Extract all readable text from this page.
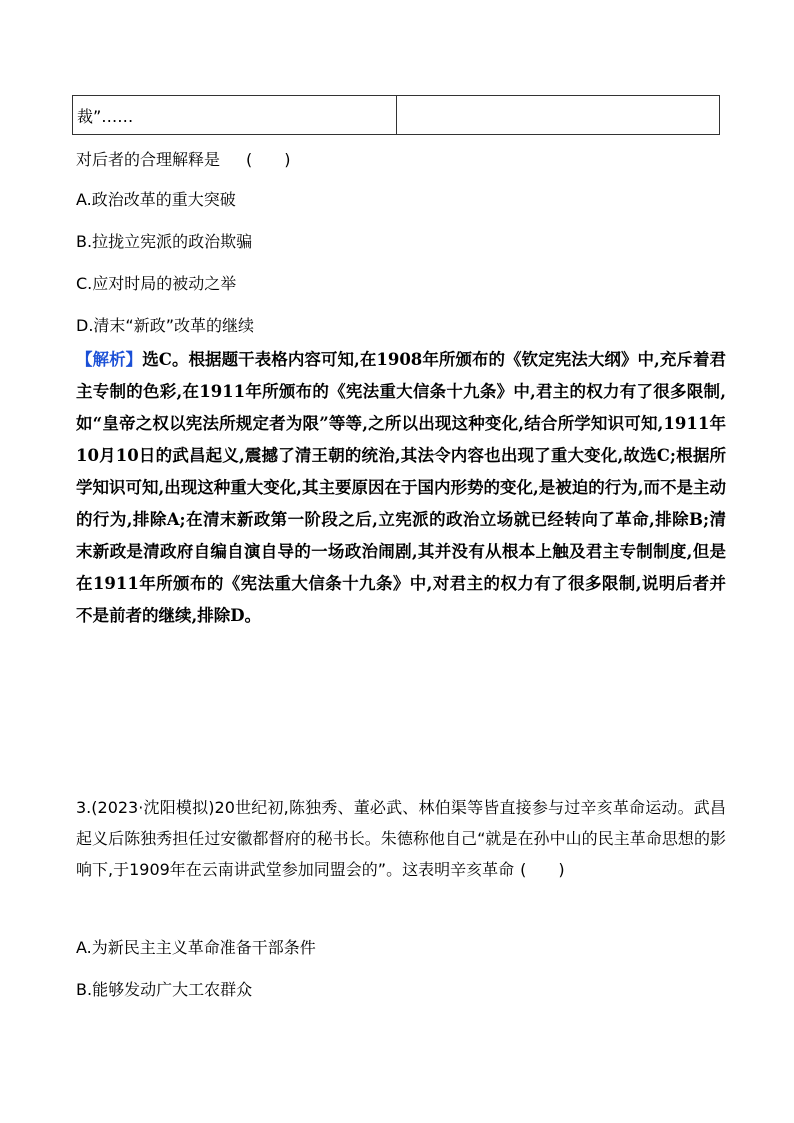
裁”……
对后者的合理解释是 (　　)
A.政治改革的重大突破
B.拉拢立宪派的政治欺骗
C.应对时局的被动之举
D.清末“新政”改革的继续
【解析】选C。根据题干表格内容可知,在1908年所颁布的《钦定宪法大纲》中,充斥着君主专制的色彩,在1911年所颁布的《宪法重大信条十九条》中,君主的权力有了很多限制,如“皇帝之权以宪法所规定者为限”等等,之所以出现这种变化,结合所学知识可知,1911年10月10日的武昌起义,震撼了清王朝的统治,其法令内容也出现了重大变化,故选C;根据所学知识可知,出现这种重大变化,其主要原因在于国内形势的变化,是被迫的行为,而不是主动的行为,排除A;在清末新政第一阶段之后,立宪派的政治立场就已经转向了革命,排除B;清末新政是清政府自编自演自导的一场政治闹剧,其并没有从根本上触及君主专制制度,但是在1911年所颁布的《宪法重大信条十九条》中,对君主的权力有了很多限制,说明后者并不是前者的继续,排除D。
3.(2023·沈阳模拟)20世纪初,陈独秀、董必武、林伯渠等皆直接参与过辛亥革命运动。武昌起义后陈独秀担任过安徽都督府的秘书长。朱德称他自己“就是在孙中山的民主革命思想的影响下,于1909年在云南讲武堂参加同盟会的”。这表明辛亥革命 (　　)
A.为新民主主义革命准备干部条件
B.能够发动广大工农群众
